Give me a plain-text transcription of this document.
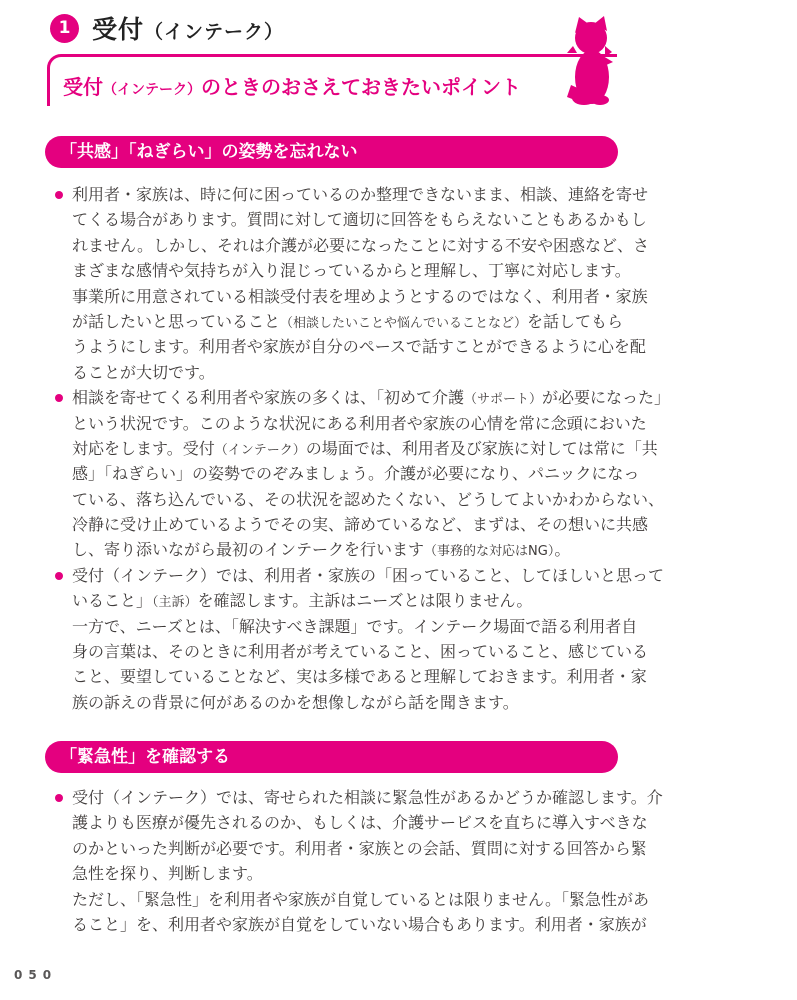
1 受付（インテーク）
受付（インテーク）のときのおさえておきたいポイント
「共感」「ねぎらい」の姿勢を忘れない
利用者・家族は、時に何に困っているのか整理できないまま、相談、連絡を寄せ
てくる場合があります。質問に対して適切に回答をもらえないこともあるかもし
れません。しかし、それは介護が必要になったことに対する不安や困惑など、さ
まざまな感情や気持ちが入り混じっているからと理解し、丁寧に対応します。
事業所に用意されている相談受付表を埋めようとするのではなく、利用者・家族
が話したいと思っていること（相談したいことや悩んでいることなど）を話してもら
うようにします。利用者や家族が自分のペースで話すことができるように心を配
ることが大切です。
相談を寄せてくる利用者や家族の多くは、「初めて介護（サポート）が必要になった」
という状況です。このような状況にある利用者や家族の心情を常に念頭においた
対応をします。受付（インテーク）の場面では、利用者及び家族に対しては常に「共
感」「ねぎらい」の姿勢でのぞみましょう。介護が必要になり、パニックになっ
ている、落ち込んでいる、その状況を認めたくない、どうしてよいかわからない、
冷静に受け止めているようでその実、諦めているなど、まずは、その想いに共感
し、寄り添いながら最初のインテークを行います（事務的な対応はNG）。
受付（インテーク）では、利用者・家族の「困っていること、してほしいと思って
いること」（主訴）を確認します。主訴はニーズとは限りません。
一方で、ニーズとは、「解決すべき課題」です。インテーク場面で語る利用者自
身の言葉は、そのときに利用者が考えていること、困っていること、感じている
こと、要望していることなど、実は多様であると理解しておきます。利用者・家
族の訴えの背景に何があるのかを想像しながら話を聞きます。
「緊急性」を確認する
受付（インテーク）では、寄せられた相談に緊急性があるかどうか確認します。介
護よりも医療が優先されるのか、もしくは、介護サービスを直ちに導入すべきな
のかといった判断が必要です。利用者・家族との会話、質問に対する回答から緊
急性を探り、判断します。
ただし、「緊急性」を利用者や家族が自覚しているとは限りません。「緊急性があ
ること」を、利用者や家族が自覚をしていない場合もあります。利用者・家族が
050
